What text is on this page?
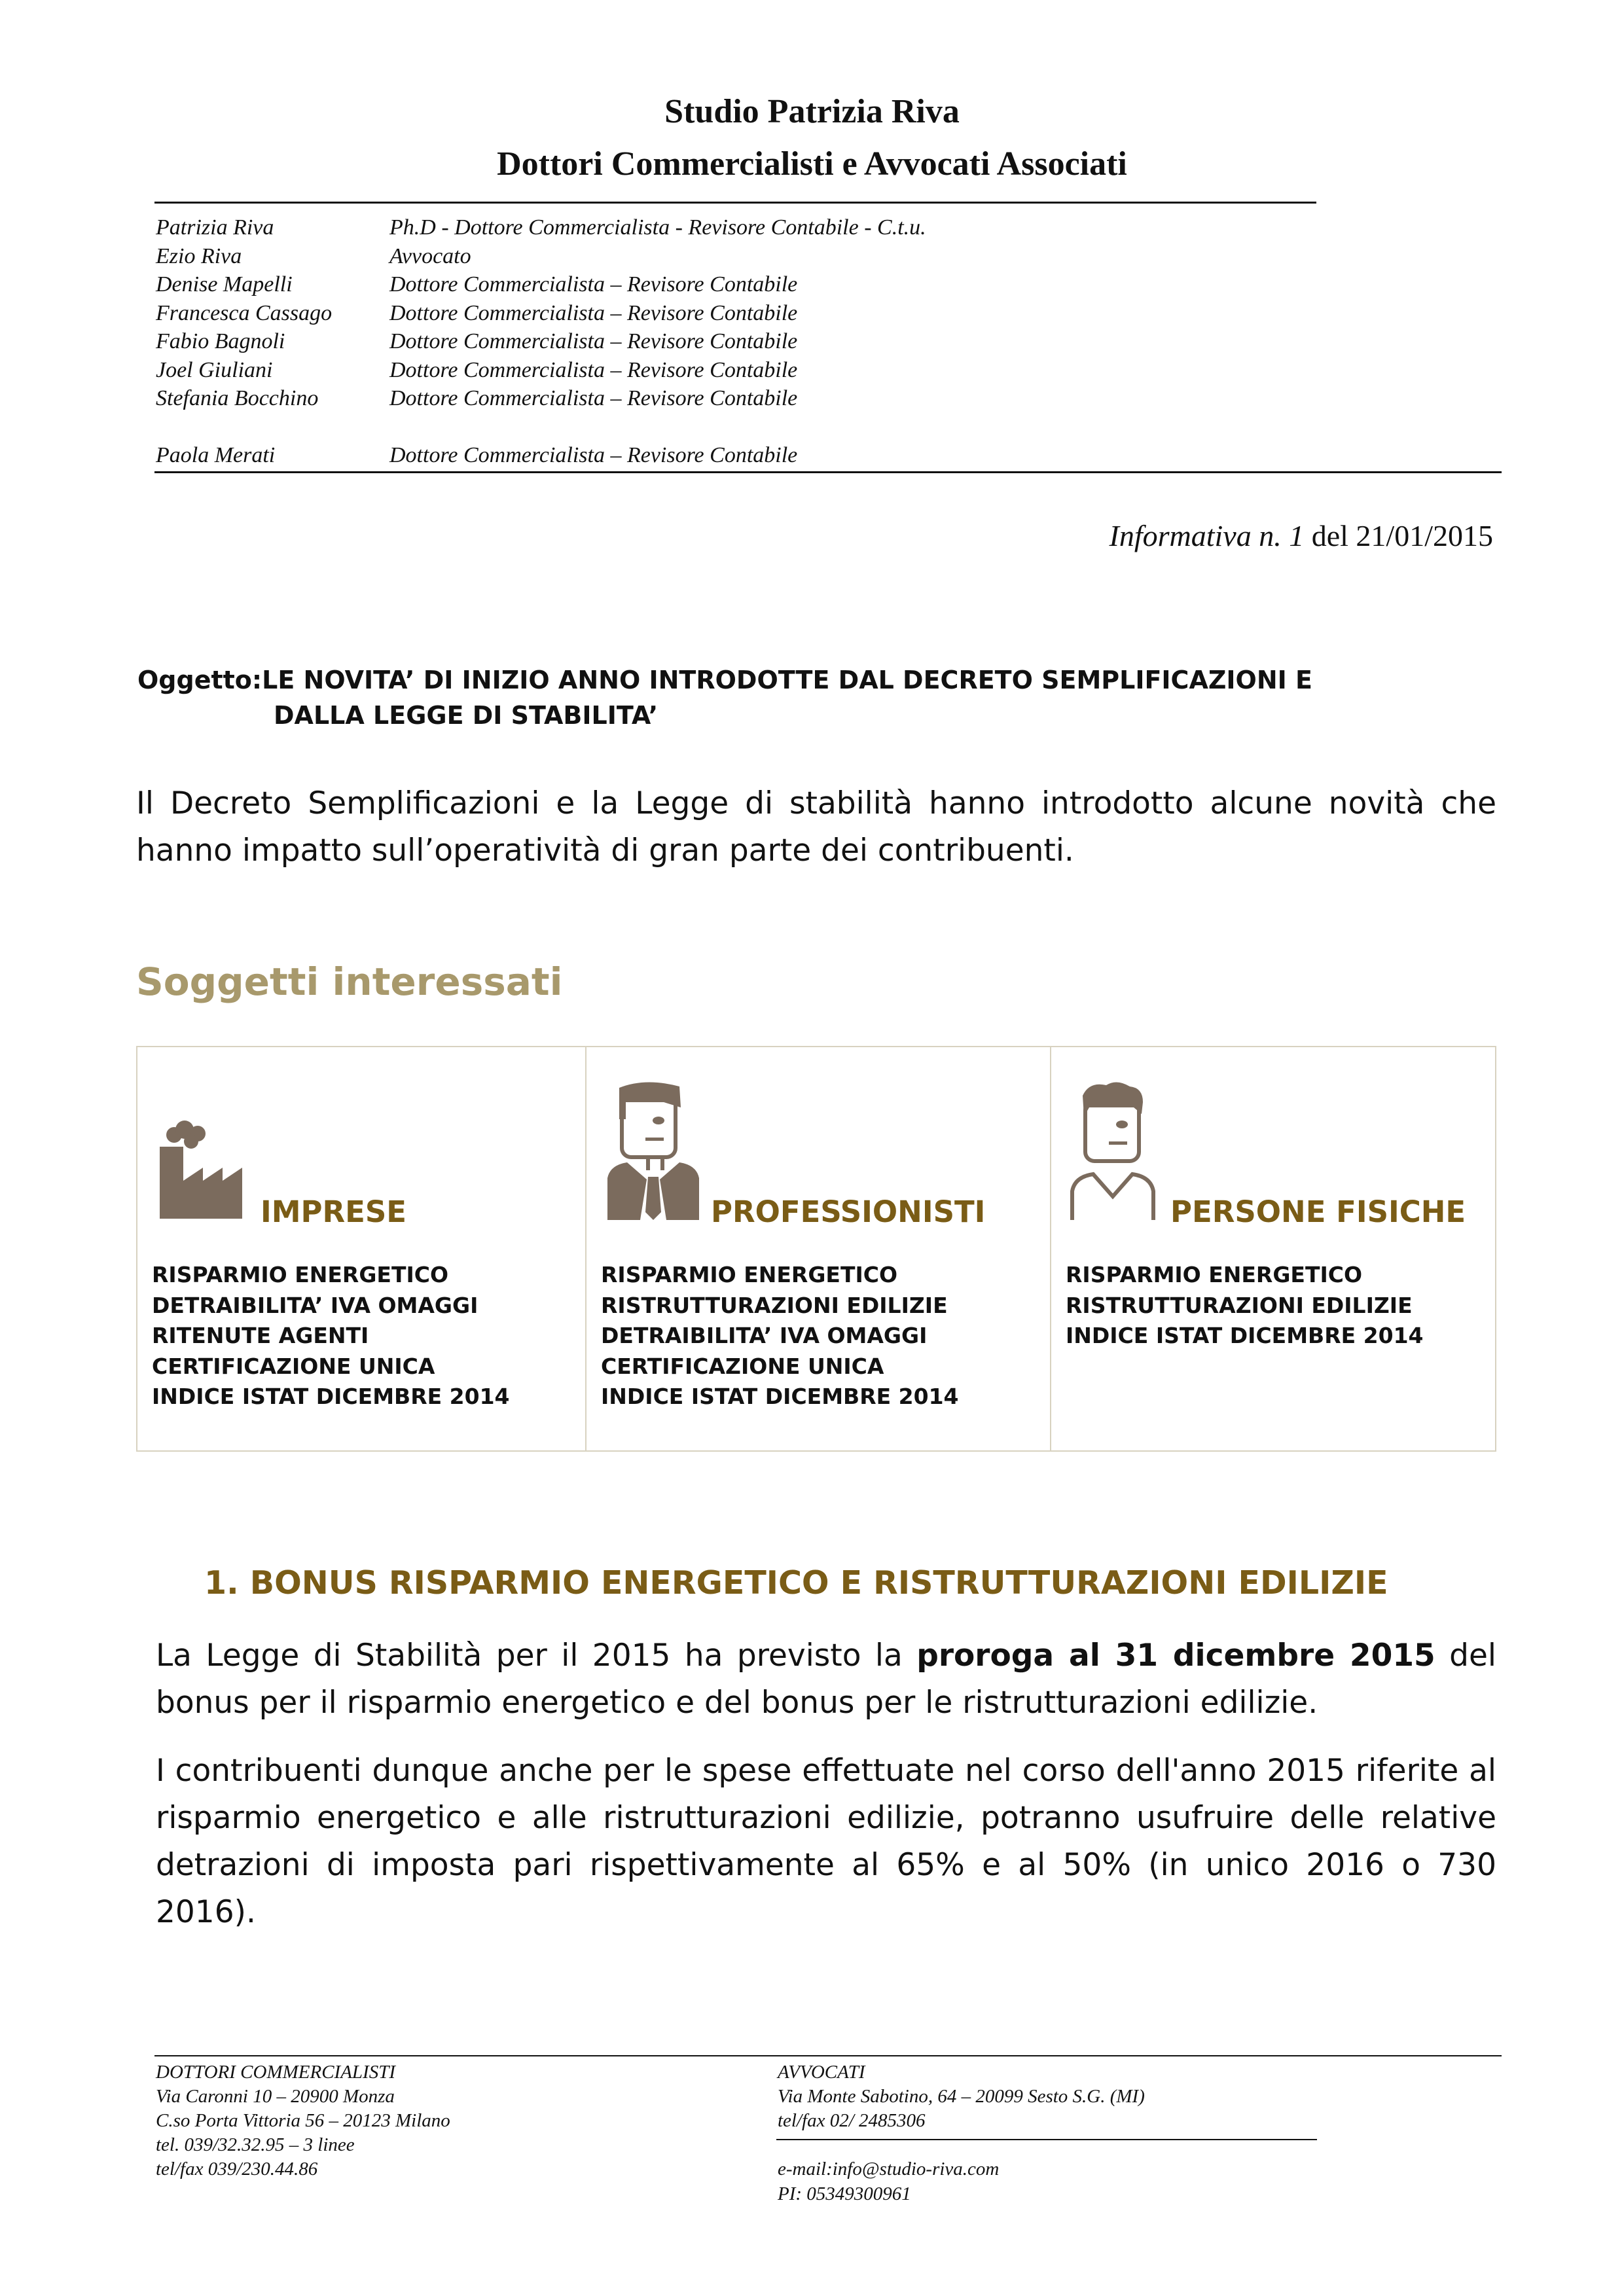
Studio Patrizia Riva
Dottori Commercialisti e Avvocati Associati
Patrizia Riva	Ph.D - Dottore Commercialista - Revisore Contabile - C.t.u.
Ezio Riva	Avvocato
Denise Mapelli	Dottore Commercialista – Revisore Contabile
Francesca Cassago	Dottore Commercialista – Revisore Contabile
Fabio Bagnoli	Dottore Commercialista – Revisore Contabile
Joel Giuliani	Dottore Commercialista – Revisore Contabile
Stefania Bocchino	Dottore Commercialista – Revisore Contabile
Paola Merati	Dottore Commercialista – Revisore Contabile
Informativa n. 1 del 21/01/2015
Oggetto:LE NOVITA’ DI INIZIO ANNO INTRODOTTE DAL DECRETO SEMPLIFICAZIONI E
DALLA LEGGE DI STABILITA’
Il Decreto Semplificazioni e la Legge di stabilità hanno introdotto alcune novità che hanno impatto sull’operatività di gran parte dei contribuenti.
Soggetti interessati
IMPRESE
RISPARMIO ENERGETICO
DETRAIBILITA’ IVA OMAGGI
RITENUTE AGENTI
CERTIFICAZIONE UNICA
INDICE ISTAT DICEMBRE 2014
PROFESSIONISTI
RISPARMIO ENERGETICO
RISTRUTTURAZIONI EDILIZIE
DETRAIBILITA’ IVA OMAGGI
CERTIFICAZIONE UNICA
INDICE ISTAT DICEMBRE 2014
PERSONE FISICHE
RISPARMIO ENERGETICO
RISTRUTTURAZIONI EDILIZIE
INDICE ISTAT DICEMBRE 2014
1. BONUS RISPARMIO ENERGETICO E RISTRUTTURAZIONI EDILIZIE
La Legge di Stabilità per il 2015 ha previsto la proroga al 31 dicembre 2015 del bonus per il risparmio energetico e del bonus per le ristrutturazioni edilizie.
I contribuenti dunque anche per le spese effettuate nel corso dell'anno 2015 riferite al risparmio energetico e alle ristrutturazioni edilizie, potranno usufruire delle relative detrazioni di imposta pari rispettivamente al 65% e al 50% (in unico 2016 o 730 2016).
DOTTORI COMMERCIALISTI
Via Caronni 10 – 20900 Monza
C.so Porta Vittoria 56 – 20123 Milano
tel. 039/32.32.95 – 3 linee
tel/fax 039/230.44.86
AVVOCATI
Via Monte Sabotino, 64 – 20099 Sesto S.G. (MI)
tel/fax 02/ 2485306
e-mail:info@studio-riva.com
PI: 05349300961
